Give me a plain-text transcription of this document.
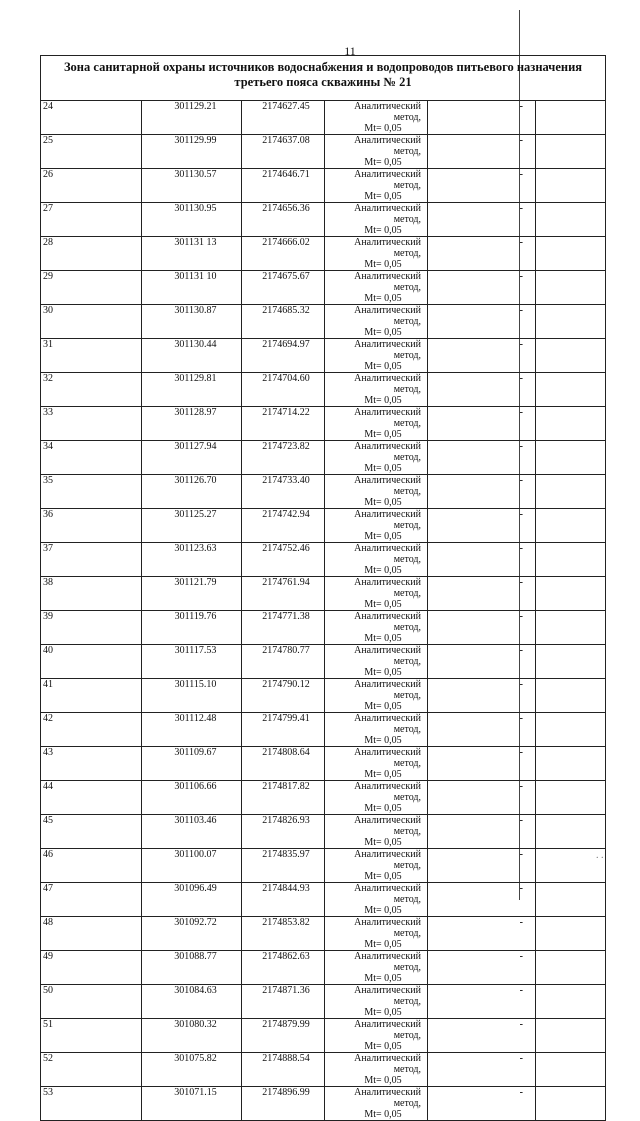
11
Зона санитарной охраны источников водоснабжения и водопроводов питьевого назначения третьего пояса скважины № 21					
24	301129.21	2174627.45	Аналитический метод,
Mt= 0,05	-	
25	301129.99	2174637.08	Аналитический метод,
Mt= 0,05	-	
26	301130.57	2174646.71	Аналитический метод,
Mt= 0,05	-	
27	301130.95	2174656.36	Аналитический метод,
Mt= 0,05	-	
28	301131 13	2174666.02	Аналитический метод,
Mt= 0,05	-	
29	301131 10	2174675.67	Аналитический метод,
Mt= 0,05	-	
30	301130.87	2174685.32	Аналитический метод,
Mt= 0,05	-	
31	301130.44	2174694.97	Аналитический метод,
Mt= 0,05	-	
32	301129.81	2174704.60	Аналитический метод,
Mt= 0,05	-	
33	301128.97	2174714.22	Аналитический метод,
Mt= 0,05	-	
34	301127.94	2174723.82	Аналитический метод,
Mt= 0,05	-	
35	301126.70	2174733.40	Аналитический метод,
Mt= 0,05	-	
36	301125.27	2174742.94	Аналитический метод,
Mt= 0,05	-	
37	301123.63	2174752.46	Аналитический метод,
Mt= 0,05	-	
38	301121.79	2174761.94	Аналитический метод,
Mt= 0,05	-	
39	301119.76	2174771.38	Аналитический метод,
Mt= 0,05	-	
40	301117.53	2174780.77	Аналитический метод,
Mt= 0,05	-	
41	301115.10	2174790.12	Аналитический метод,
Mt= 0,05	-	
42	301112.48	2174799.41	Аналитический метод,
Mt= 0,05	-	
43	301109.67	2174808.64	Аналитический метод,
Mt= 0,05	-	
44	301106.66	2174817.82	Аналитический метод,
Mt= 0,05	-	
45	301103.46	2174826.93	Аналитический метод,
Mt= 0,05	-	
46	301100.07	2174835.97	Аналитический метод,
Mt= 0,05	-	
47	301096.49	2174844.93	Аналитический метод,
Mt= 0,05	-	
48	301092.72	2174853.82	Аналитический метод,
Mt= 0,05	-	
49	301088.77	2174862.63	Аналитический метод,
Mt= 0,05	-	
50	301084.63	2174871.36	Аналитический метод,
Mt= 0,05	-	
51	301080.32	2174879.99	Аналитический метод,
Mt= 0,05	-	
52	301075.82	2174888.54	Аналитический метод,
Mt= 0,05	-	
53	301071.15	2174896.99	Аналитический метод,
Mt= 0,05	-	
. .
